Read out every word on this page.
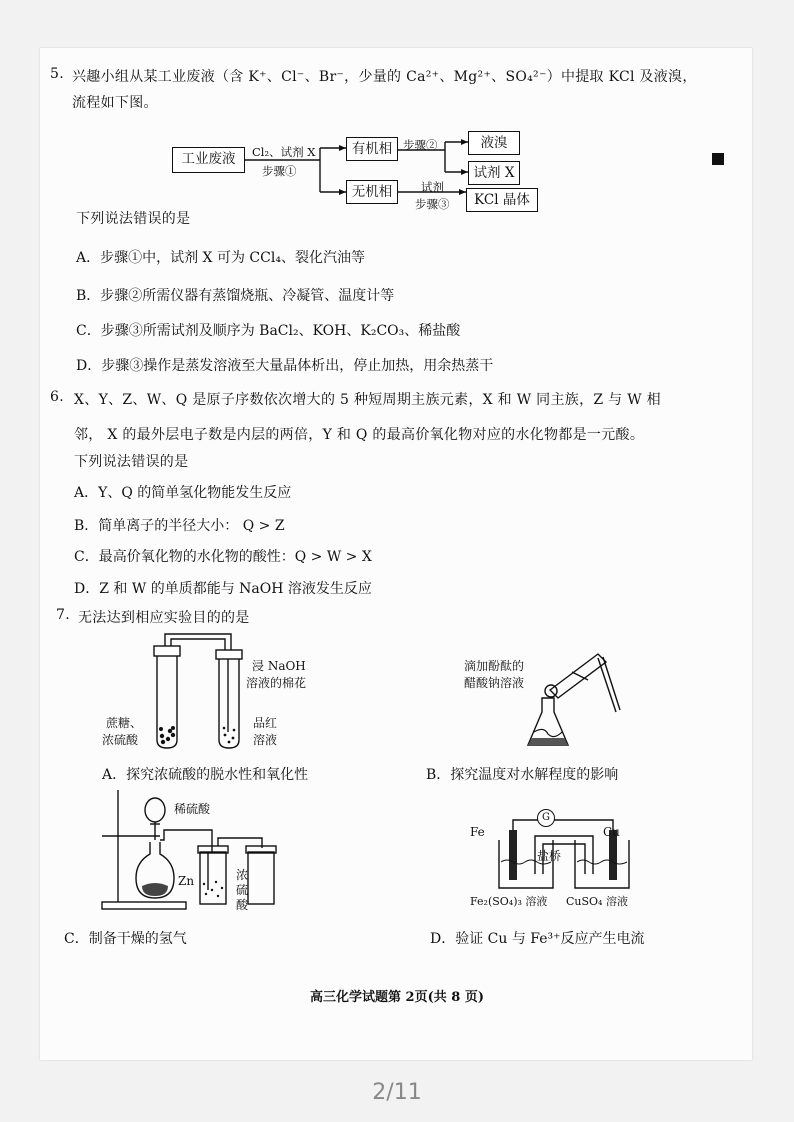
5. 兴趣小组从某工业废液（含 K⁺、Cl⁻、Br⁻，少量的 Ca²⁺、Mg²⁺、SO₄²⁻）中提取 KCl 及液溴，
流程如下图。
工业废液	Cl₂、试剂 X
步骤①
有机相
无机相
步骤②	液溴
试剂 X
试剂
步骤③	KCl 晶体
下列说法错误的是
A．步骤①中，试剂 X 可为 CCl₄、裂化汽油等
B．步骤②所需仪器有蒸馏烧瓶、冷凝管、温度计等
C．步骤③所需试剂及顺序为 BaCl₂、KOH、K₂CO₃、稀盐酸
D．步骤③操作是蒸发溶液至大量晶体析出，停止加热，用余热蒸干
6. X、Y、Z、W、Q 是原子序数依次增大的 5 种短周期主族元素，X 和 W 同主族，Z 与 W 相
邻， X 的最外层电子数是内层的两倍，Y 和 Q 的最高价氧化物对应的水化物都是一元酸。
下列说法错误的是
A．Y、Q 的简单氢化物能发生反应
B．简单离子的半径大小： Q > Z
C．最高价氧化物的水化物的酸性：Q > W > X
D．Z 和 W 的单质都能与 NaOH 溶液发生反应
7. 无法达到相应实验目的的是
浸 NaOH
溶液的棉花
蔗糖、
浓硫酸
品红
溶液
A．探究浓硫酸的脱水性和氧化性
滴加酚酞的
醋酸钠溶液
B．探究温度对水解程度的影响
稀硫酸
Zn	浓
硫
酸
C．制备干燥的氢气
Fe	Cu
G
盐桥
Fe₂(SO₄)₃ 溶液 CuSO₄ 溶液
D．验证 Cu 与 Fe³⁺反应产生电流
高三化学试题第 2页(共 8 页)
2/11
